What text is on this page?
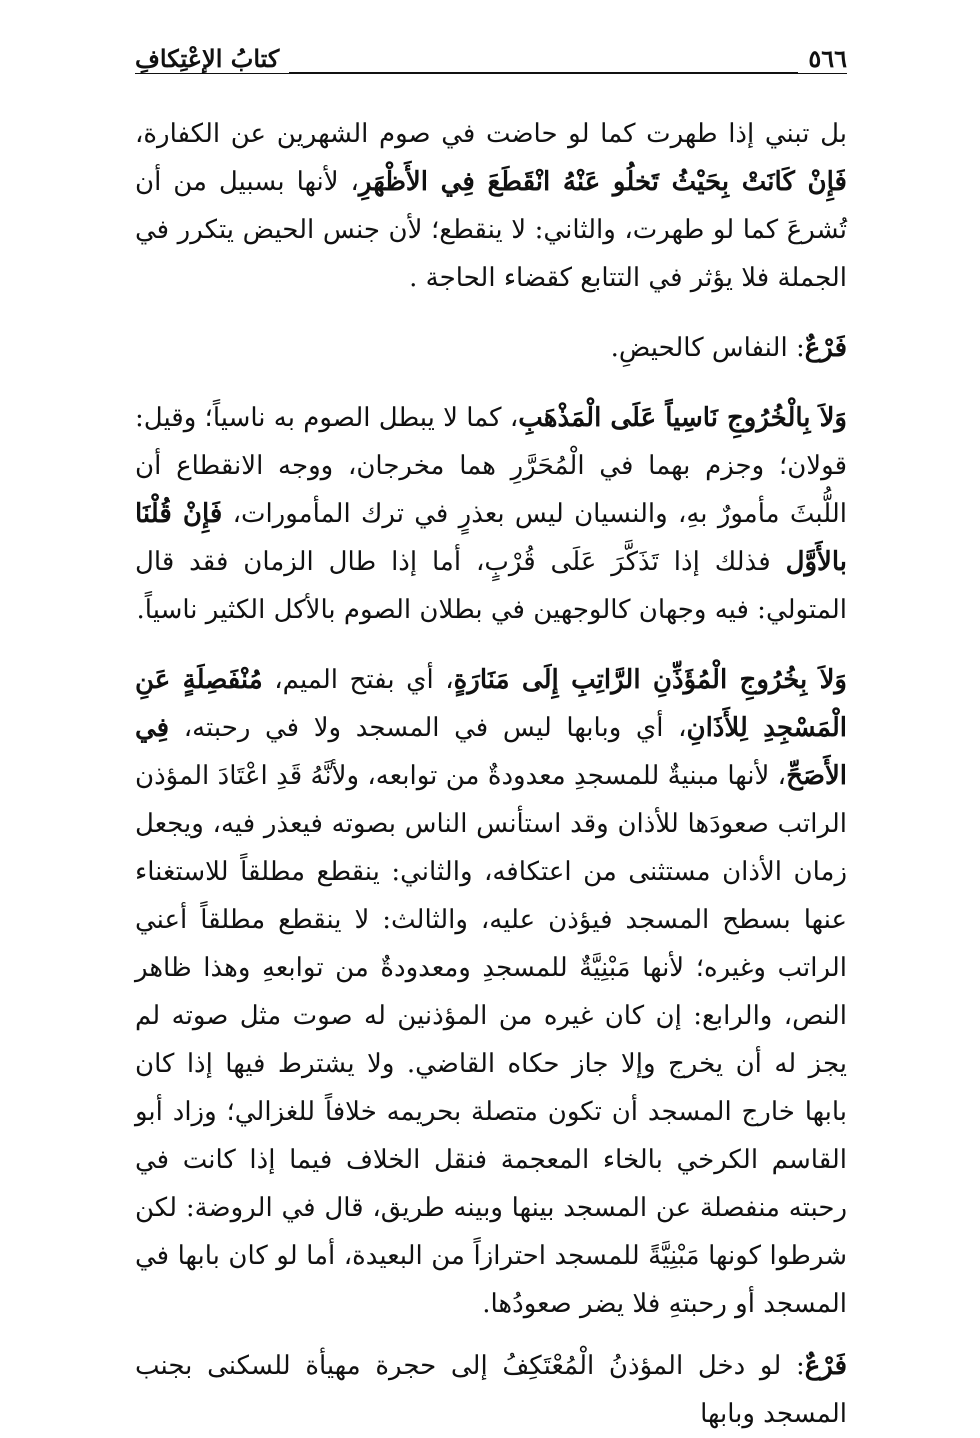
كتابُ الإعْتِكافِ	٥٦٦

بل تبني إذا طهرت كما لو حاضت في صوم الشهرين عن الكفارة، فَإِنْ كَانَتْ بِحَيْثُ تَخلُو عَنْهُ انْقَطَعَ فِي الأَظْهَرِ، لأنها بسبيل من أن تُشرعَ كما لو طهرت، والثاني: لا ينقطع؛ لأن جنس الحيض يتكرر في الجملة فلا يؤثر في التتابع كقضاء الحاجة .

فَرْعٌ: النفاس كالحيضِ.

وَلاَ بِالْخُرُوجِ نَاسِياً عَلَى الْمَذْهَبِ، كما لا يبطل الصوم به ناسياً؛ وقيل: قولان؛ وجزم بهما في الْمُحَرَّرِ هما مخرجان، ووجه الانقطاع أن اللُّبثَ مأمورٌ بهِ، والنسيان ليس بعذرٍ في ترك المأمورات، فَإِنْ قُلْنَا بالأَوَّل فذلك إذا تَذَكَّرَ عَلَى قُرْبٍ، أما إذا طال الزمان فقد قال المتولي: فيه وجهان كالوجهين في بطلان الصوم بالأكل الكثير ناسياً.

وَلاَ بِخُرُوجِ الْمُؤَذِّنِ الرَّاتِبِ إِلَى مَنَارَةٍ، أي بفتح الميم، مُنْفَصِلَةٍ عَنِ الْمَسْجِدِ لِلأَذَانِ، أي وبابها ليس في المسجد ولا في رحبته، فِي الأَصَحِّ، لأنها مبنيةٌ للمسجدِ معدودةٌ من توابعه، ولأنَّهُ قَدِ اعْتَادَ المؤذن الراتب صعودَها للأذان وقد استأنس الناس بصوته فيعذر فيه، ويجعل زمان الأذان مستثنى من اعتكافه، والثاني: ينقطع مطلقاً للاستغناء عنها بسطح المسجد فيؤذن عليه، والثالث: لا ينقطع مطلقاً أعني الراتب وغيره؛ لأنها مَبْنِيَّةٌ للمسجدِ ومعدودةٌ من توابعهِ وهذا ظاهر النص، والرابع: إن كان غيره من المؤذنين له صوت مثل صوته لم يجز له أن يخرج وإلا جاز حكاه القاضي. ولا يشترط فيها إذا كان بابها خارج المسجد أن تكون متصلة بحريمه خلافاً للغزالي؛ وزاد أبو القاسم الكرخي بالخاء المعجمة فنقل الخلاف فيما إذا كانت في رحبته منفصلة عن المسجد بينها وبينه طريق، قال في الروضة: لكن شرطوا كونها مَبْنِيَّةً للمسجد احترازاً من البعيدة، أما لو كان بابها في المسجد أو رحبتهِ فلا يضر صعودُها.

فَرْعٌ: لو دخل المؤذنُ الْمُعْتَكِفُ إلى حجرة مهيأة للسكنى بجنب المسجد وبابها
